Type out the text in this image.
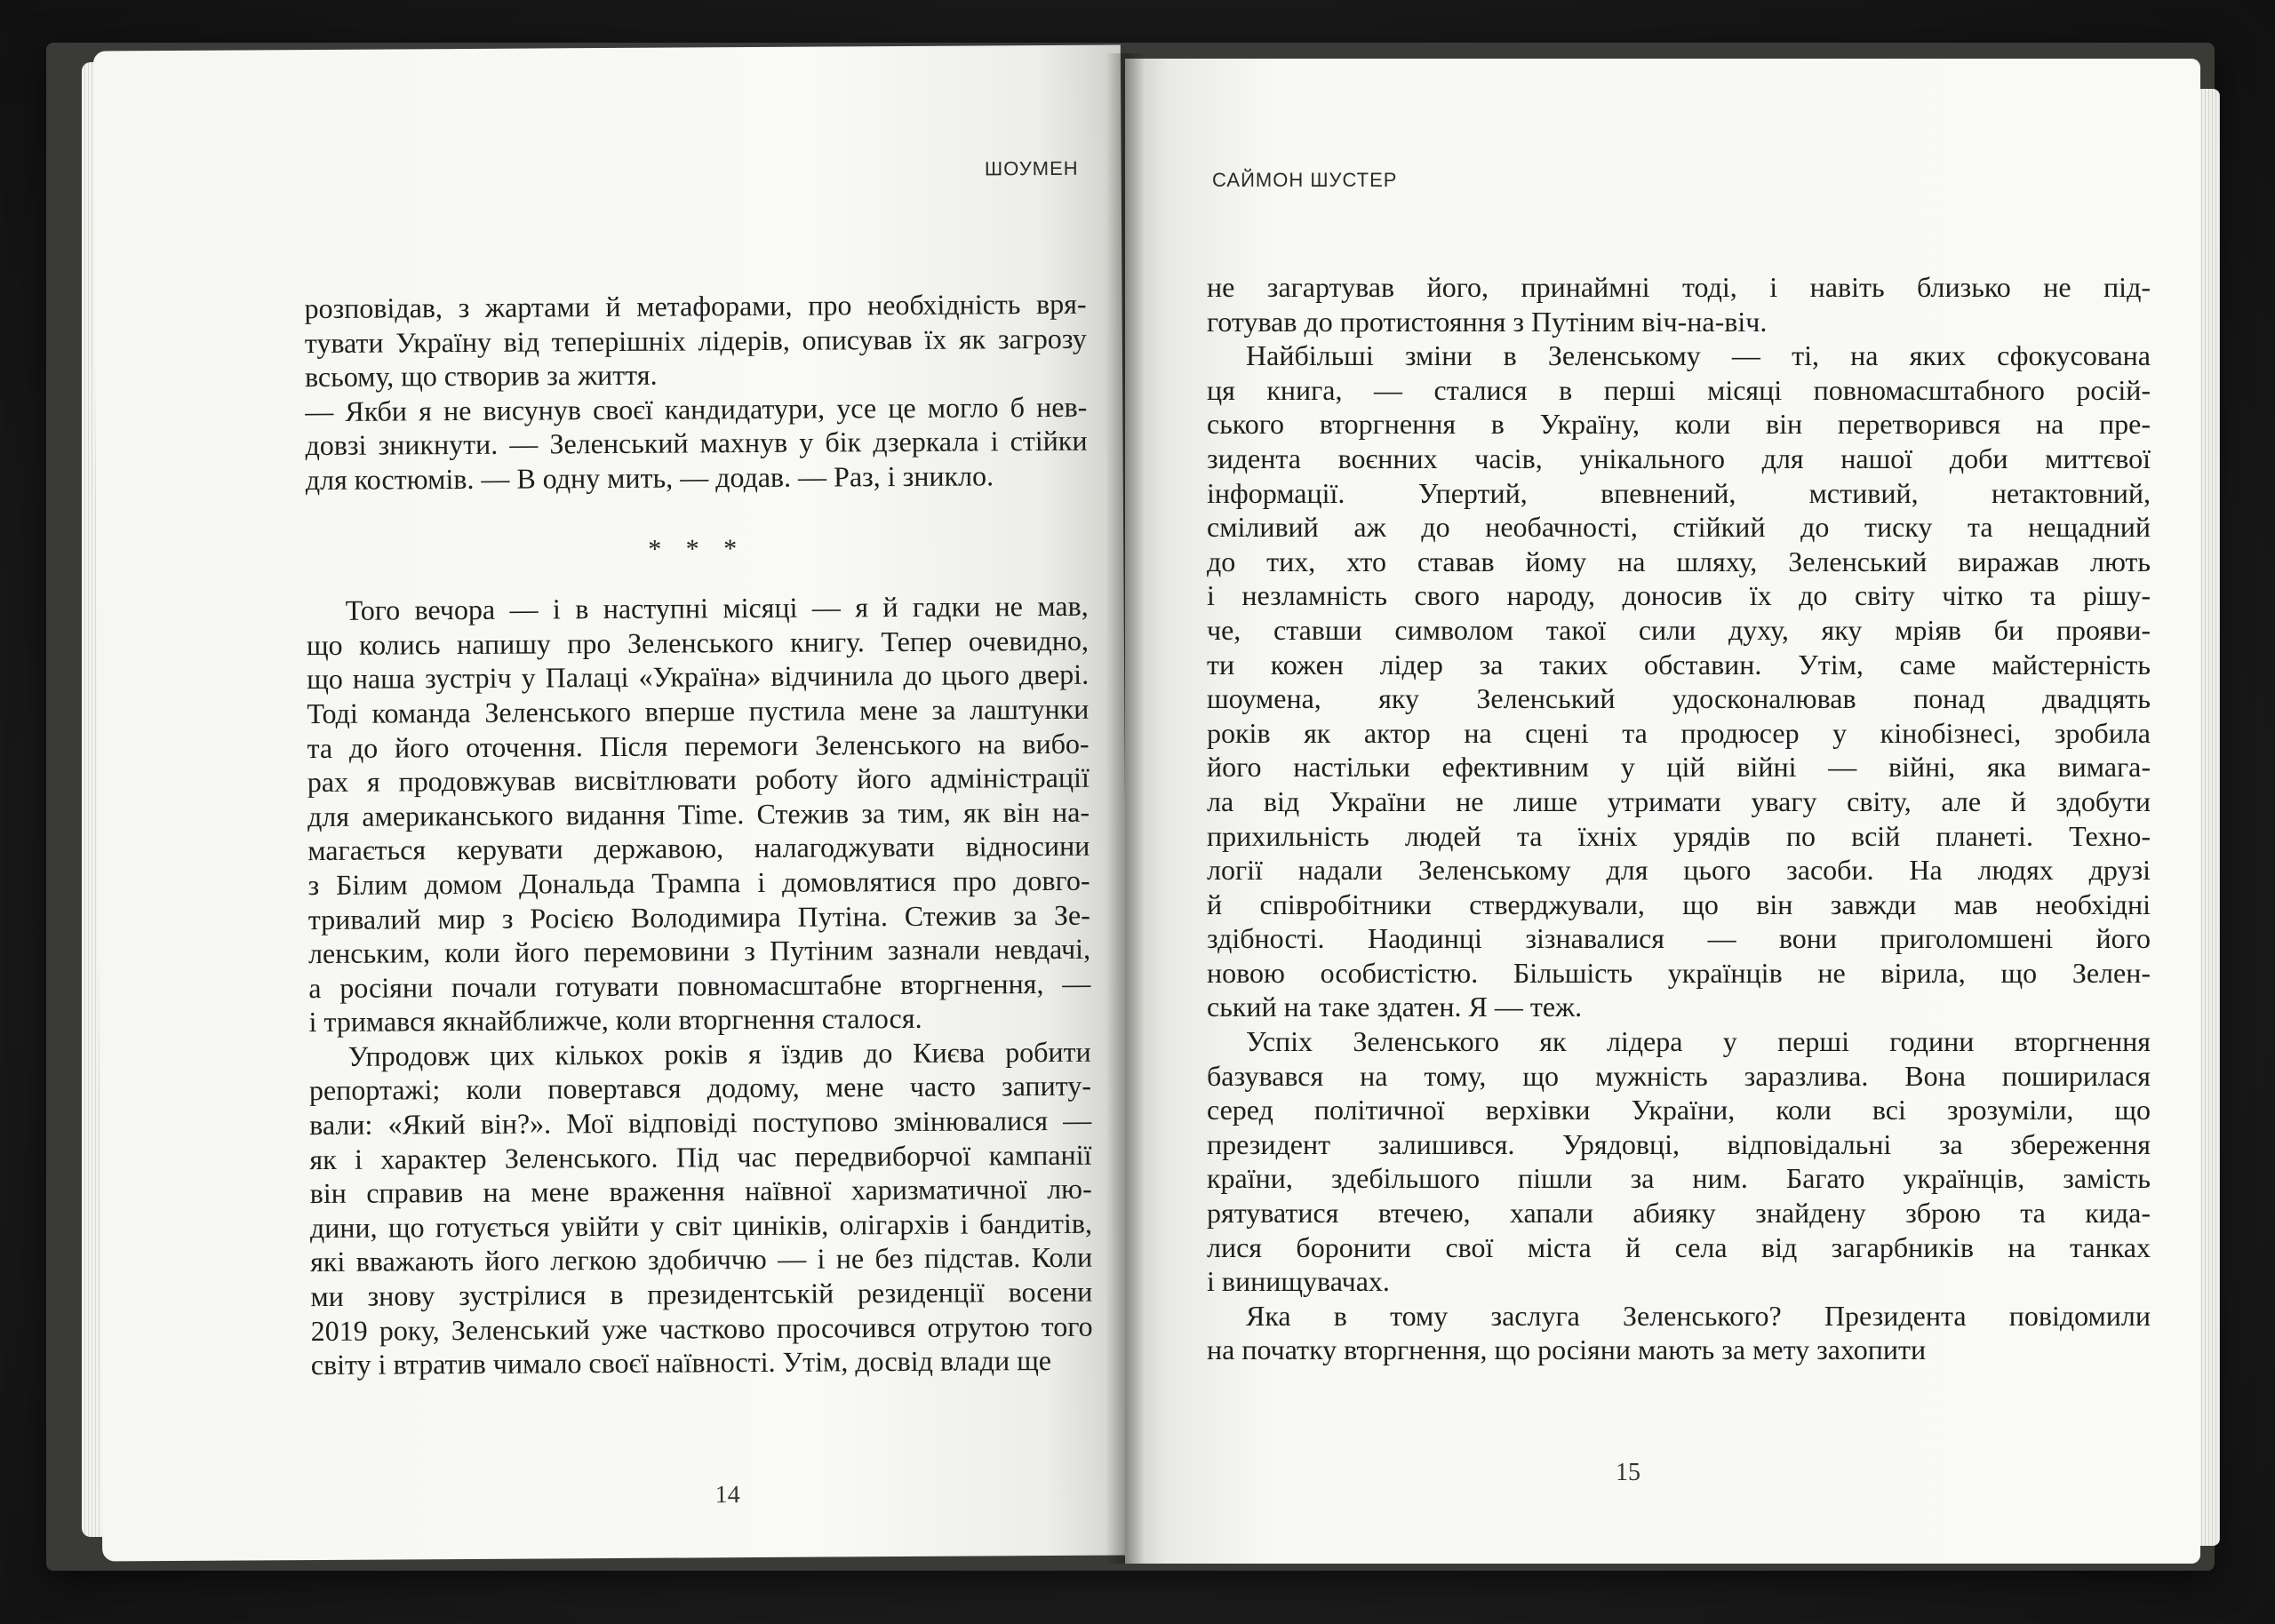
ШОУМЕН

розповідав, з жартами й метафорами, про необхідність вря-

тувати Україну від теперішніх лідерів, описував їх як загрозу

всьому, що створив за життя.

— Якби я не висунув своєї кандидатури, усе це могло б нев-

довзі зникнути. — Зеленський махнув у бік дзеркала і стійки

для костюмів. — В одну мить, — додав. — Раз, і зникло.

* * *

Того вечора — і в наступні місяці — я й гадки не мав,

що колись напишу про Зеленського книгу. Тепер очевидно,

що наша зустріч у Палаці «Україна» відчинила до цього двері.

Тоді команда Зеленського вперше пустила мене за лаштунки

та до його оточення. Після перемоги Зеленського на вибо-

рах я продовжував висвітлювати роботу його адміністрації

для американського видання Time. Стежив за тим, як він на-

магається керувати державою, налагоджувати відносини

з Білим домом Дональда Трампа і домовлятися про довго-

тривалий мир з Росією Володимира Путіна. Стежив за Зе-

ленським, коли його перемовини з Путіним зазнали невдачі,

а росіяни почали готувати повномасштабне вторгнення, —

і тримався якнайближче, коли вторгнення сталося.

Упродовж цих кількох років я їздив до Києва робити

репортажі; коли повертався додому, мене часто запиту-

вали: «Який він?». Мої відповіді поступово змінювалися —

як і характер Зеленського. Під час передвиборчої кампанії

він справив на мене враження наївної харизматичної лю-

дини, що готується увійти у світ циніків, олігархів і бандитів,

які вважають його легкою здобиччю — і не без підстав. Коли

ми знову зустрілися в президентській резиденції восени

2019 року, Зеленський уже частково просочився отрутою того

світу і втратив чимало своєї наївності. Утім, досвід влади ще

14
САЙМОН ШУСТЕР

не загартував його, принаймні тоді, і навіть близько не під-

готував до протистояння з Путіним віч-на-віч.

Найбільші зміни в Зеленському — ті, на яких сфокусована

ця книга, — сталися в перші місяці повномасштабного росій-

ського вторгнення в Україну, коли він перетворився на пре-

зидента воєнних часів, унікального для нашої доби миттєвої

інформації. Упертий, впевнений, мстивий, нетактовний,

сміливий аж до необачності, стійкий до тиску та нещадний

до тих, хто ставав йому на шляху, Зеленський виражав лють

і незламність свого народу, доносив їх до світу чітко та рішу-

че, ставши символом такої сили духу, яку мріяв би прояви-

ти кожен лідер за таких обставин. Утім, саме майстерність

шоумена, яку Зеленський удосконалював понад двадцять

років як актор на сцені та продюсер у кінобізнесі, зробила

його настільки ефективним у цій війні — війні, яка вимага-

ла від України не лише утримати увагу світу, але й здобути

прихильність людей та їхніх урядів по всій планеті. Техно-

логії надали Зеленському для цього засоби. На людях друзі

й співробітники стверджували, що він завжди мав необхідні

здібності. Наодинці зізнавалися — вони приголомшені його

новою особистістю. Більшість українців не вірила, що Зелен-

ський на таке здатен. Я — теж.

Успіх Зеленського як лідера у перші години вторгнення

базувався на тому, що мужність заразлива. Вона поширилася

серед політичної верхівки України, коли всі зрозуміли, що

президент залишився. Урядовці, відповідальні за збереження

країни, здебільшого пішли за ним. Багато українців, замість

рятуватися втечею, хапали абияку знайдену зброю та кида-

лися боронити свої міста й села від загарбників на танках

і винищувачах.

Яка в тому заслуга Зеленського? Президента повідомили

на початку вторгнення, що росіяни мають за мету захопити

15
